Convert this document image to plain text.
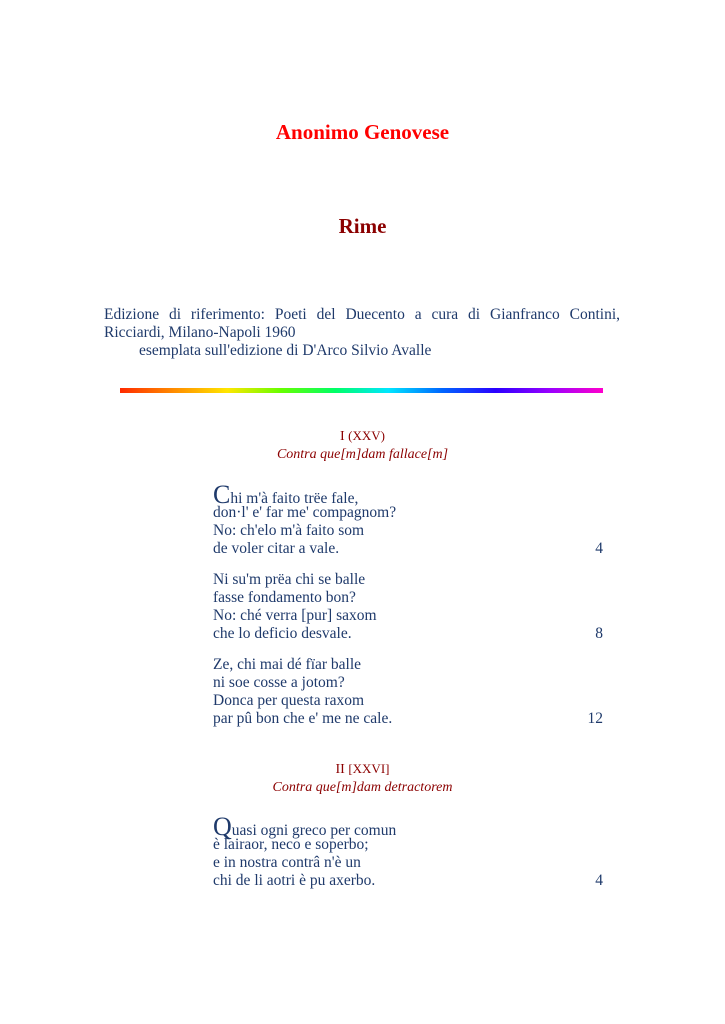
Anonimo Genovese
Rime
Edizione di riferimento: Poeti del Duecento a cura di Gianfranco Contini, Ricciardi, Milano-Napoli 1960
esemplata sull'edizione di D'Arco Silvio Avalle
I (XXV)
Contra que[m]dam fallace[m]
Chi m'à faito trëe fale,
don·l' e' far me' compagnom?
No: ch'elo m'à faito som
de voler citar a vale.	4
Ni su'm prëa chi se balle
fasse fondamento bon?
No: ché verra [pur] saxom
che lo deficio desvale.	8
Ze, chi mai dé fïar balle
ni soe cosse a jotom?
Donca per questa raxom
par pû bon che e' me ne cale.	12
II [XXVI]
Contra que[m]dam detractorem
Quasi ogni greco per comun
è lairaor, neco e soperbo;
e in nostra contrâ n'è un
chi de li aotri è pu axerbo.	4
